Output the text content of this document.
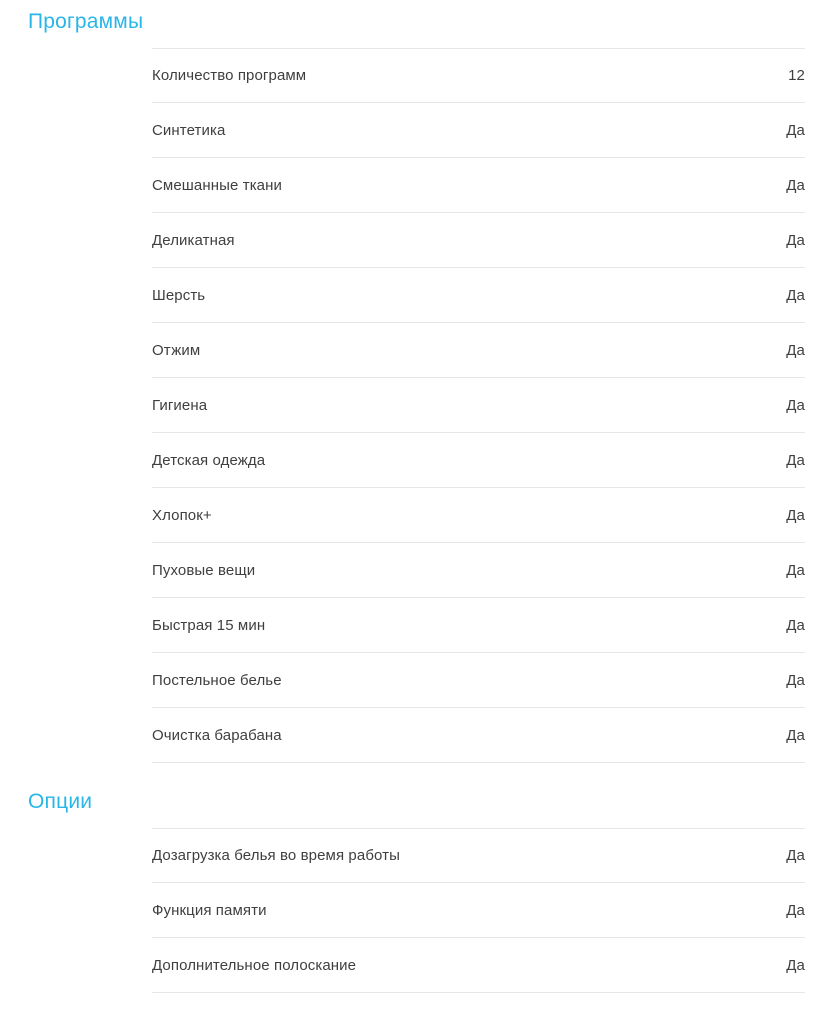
Программы
Количество программ	12
Синтетика	Да
Смешанные ткани	Да
Деликатная	Да
Шерсть	Да
Отжим	Да
Гигиена	Да
Детская одежда	Да
Хлопок+	Да
Пуховые вещи	Да
Быстрая 15 мин	Да
Постельное белье	Да
Очистка барабана	Да
Опции
Дозагрузка белья во время работы	Да
Функция памяти	Да
Дополнительное полоскание	Да
